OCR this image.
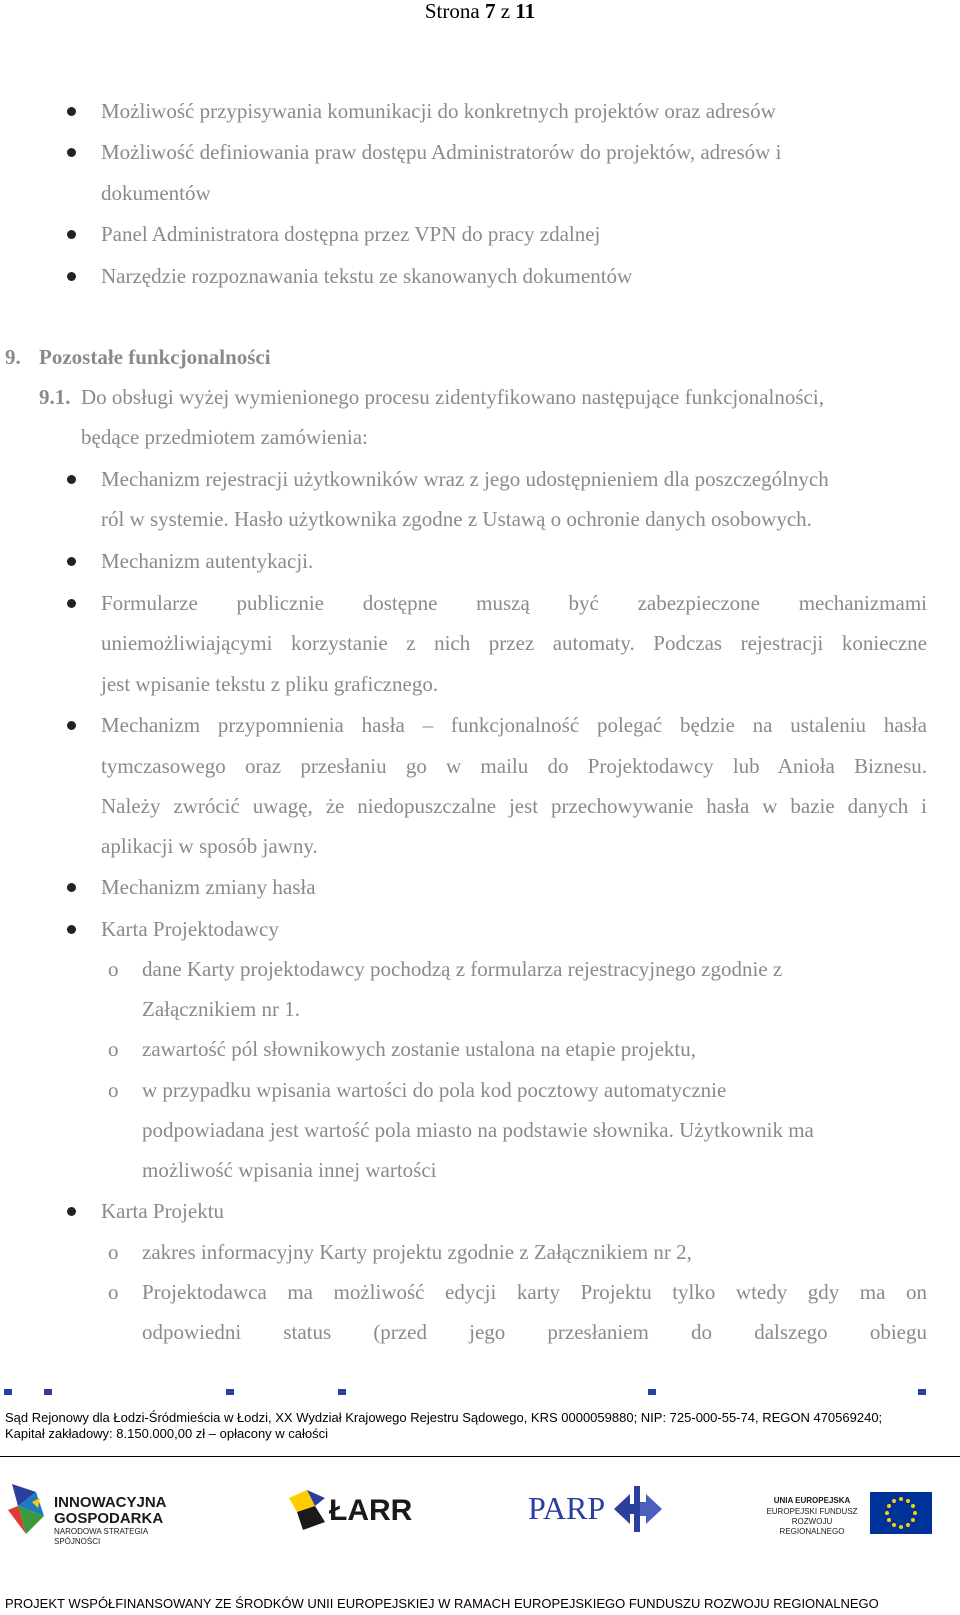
Strona 7 z 11
Możliwość przypisywania komunikacji do konkretnych projektów oraz adresów
Możliwość definiowania praw dostępu Administratorów do projektów, adresów i
dokumentów
Panel Administratora dostępna przez VPN do pracy zdalnej
Narzędzie rozpoznawania tekstu ze skanowanych dokumentów
9. Pozostałe funkcjonalności
9.1. Do obsługi wyżej wymienionego procesu zidentyfikowano następujące funkcjonalności,
będące przedmiotem zamówienia:
Mechanizm rejestracji użytkowników wraz z jego udostępnieniem dla poszczególnych
ról w systemie. Hasło użytkownika zgodne z Ustawą o ochronie danych osobowych.
Mechanizm autentykacji.
Formularze publicznie dostępne muszą być zabezpieczone mechanizmami
uniemożliwiającymi korzystanie z nich przez automaty. Podczas rejestracji konieczne
jest wpisanie tekstu z pliku graficznego.
Mechanizm przypomnienia hasła – funkcjonalność polegać będzie na ustaleniu hasła
tymczasowego oraz przesłaniu go w mailu do Projektodawcy lub Anioła Biznesu.
Należy zwrócić uwagę, że niedopuszczalne jest przechowywanie hasła w bazie danych i
aplikacji w sposób jawny.
Mechanizm zmiany hasła
Karta Projektodawcy
o dane Karty projektodawcy pochodzą z formularza rejestracyjnego zgodnie z
Załącznikiem nr 1.
o zawartość pól słownikowych zostanie ustalona na etapie projektu,
o w przypadku wpisania wartości do pola kod pocztowy automatycznie
podpowiadana jest wartość pola miasto na podstawie słownika. Użytkownik ma
możliwość wpisania innej wartości
Karta Projektu
o zakres informacyjny Karty projektu zgodnie z Załącznikiem nr 2,
o Projektodawca ma możliwość edycji karty Projektu tylko wtedy gdy ma on
odpowiedni status (przed jego przesłaniem do dalszego obiegu
Sąd Rejonowy dla Łodzi-Śródmieścia w Łodzi, XX Wydział Krajowego Rejestru Sądowego, KRS 0000059880; NIP: 725-000-55-74, REGON 470569240;
Kapitał zakładowy: 8.150.000,00 zł – opłacony w całości
INNOWACYJNA
GOSPODARKA
NARODOWA STRATEGIA SPÓJNOŚCI
ŁARR	PARP	UNIA EUROPEJSKA
EUROPEJSKI FUNDUSZ
ROZWOJU REGIONALNEGO
PROJEKT WSPÓŁFINANSOWANY ZE ŚRODKÓW UNII EUROPEJSKIEJ W RAMACH EUROPEJSKIEGO FUNDUSZU ROZWOJU REGIONALNEGO
